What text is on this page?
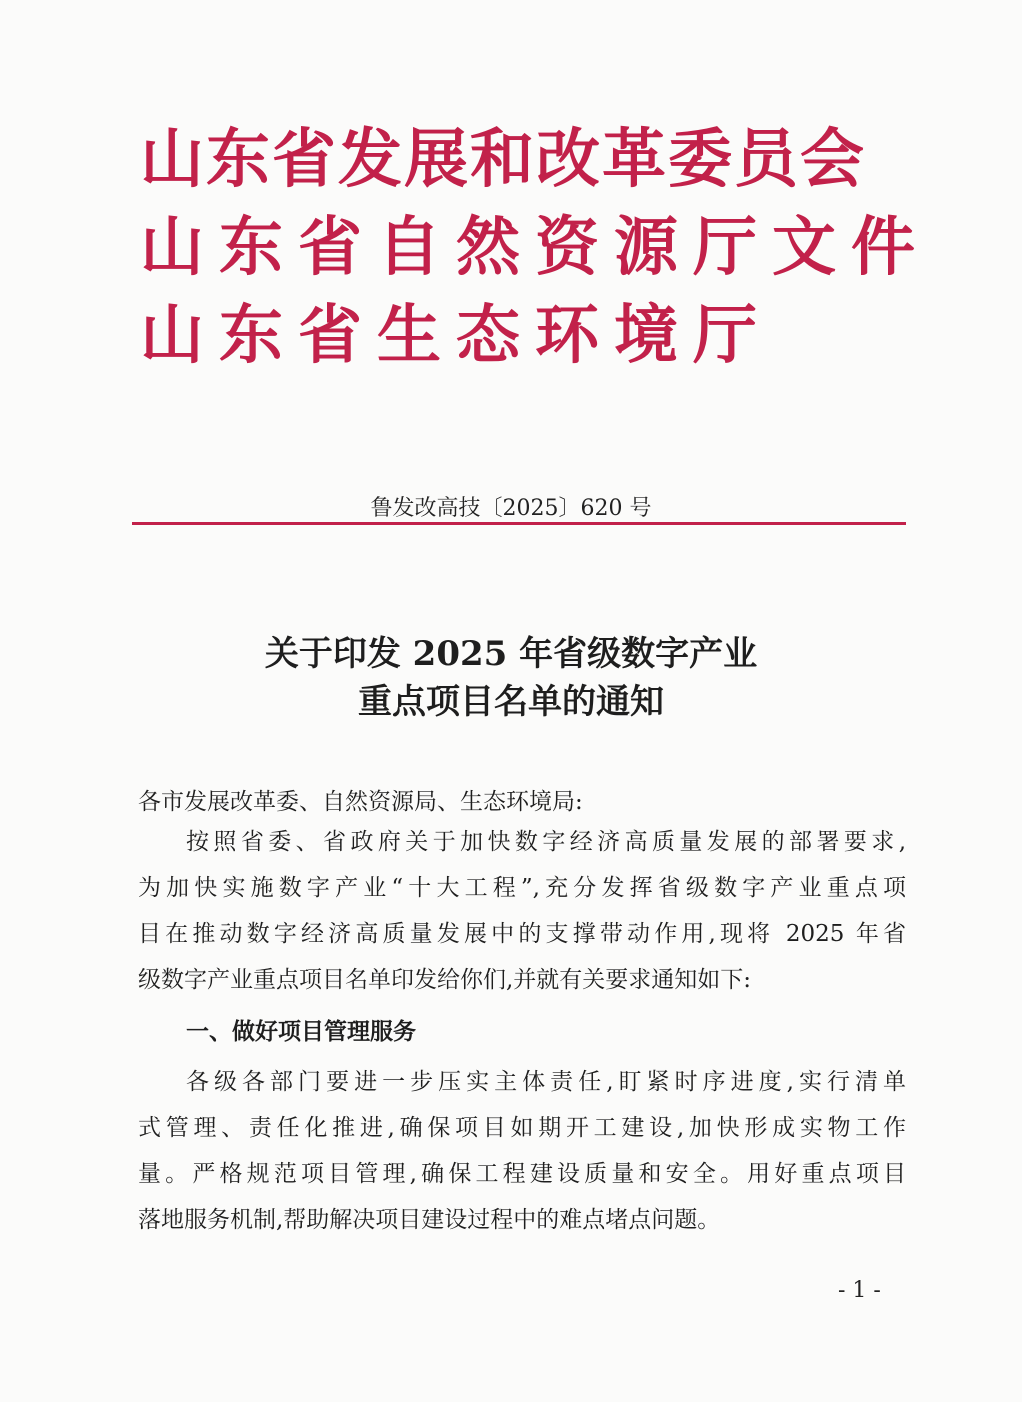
山东省发展和改革委员会
山东省自然资源厅文件
山东省生态环境厅
鲁发改高技〔2025〕620 号
关于印发 2025 年省级数字产业
重点项目名单的通知
各市发展改革委、自然资源局、生态环境局:
按照省委、省政府关于加快数字经济高质量发展的部署要求,
为加快实施数字产业“十大工程”,充分发挥省级数字产业重点项
目在推动数字经济高质量发展中的支撑带动作用,现将 2025 年省
级数字产业重点项目名单印发给你们,并就有关要求通知如下:
一、做好项目管理服务
各级各部门要进一步压实主体责任,盯紧时序进度,实行清单
式管理、责任化推进,确保项目如期开工建设,加快形成实物工作
量。严格规范项目管理,确保工程建设质量和安全。用好重点项目
落地服务机制,帮助解决项目建设过程中的难点堵点问题。
- 1 -
